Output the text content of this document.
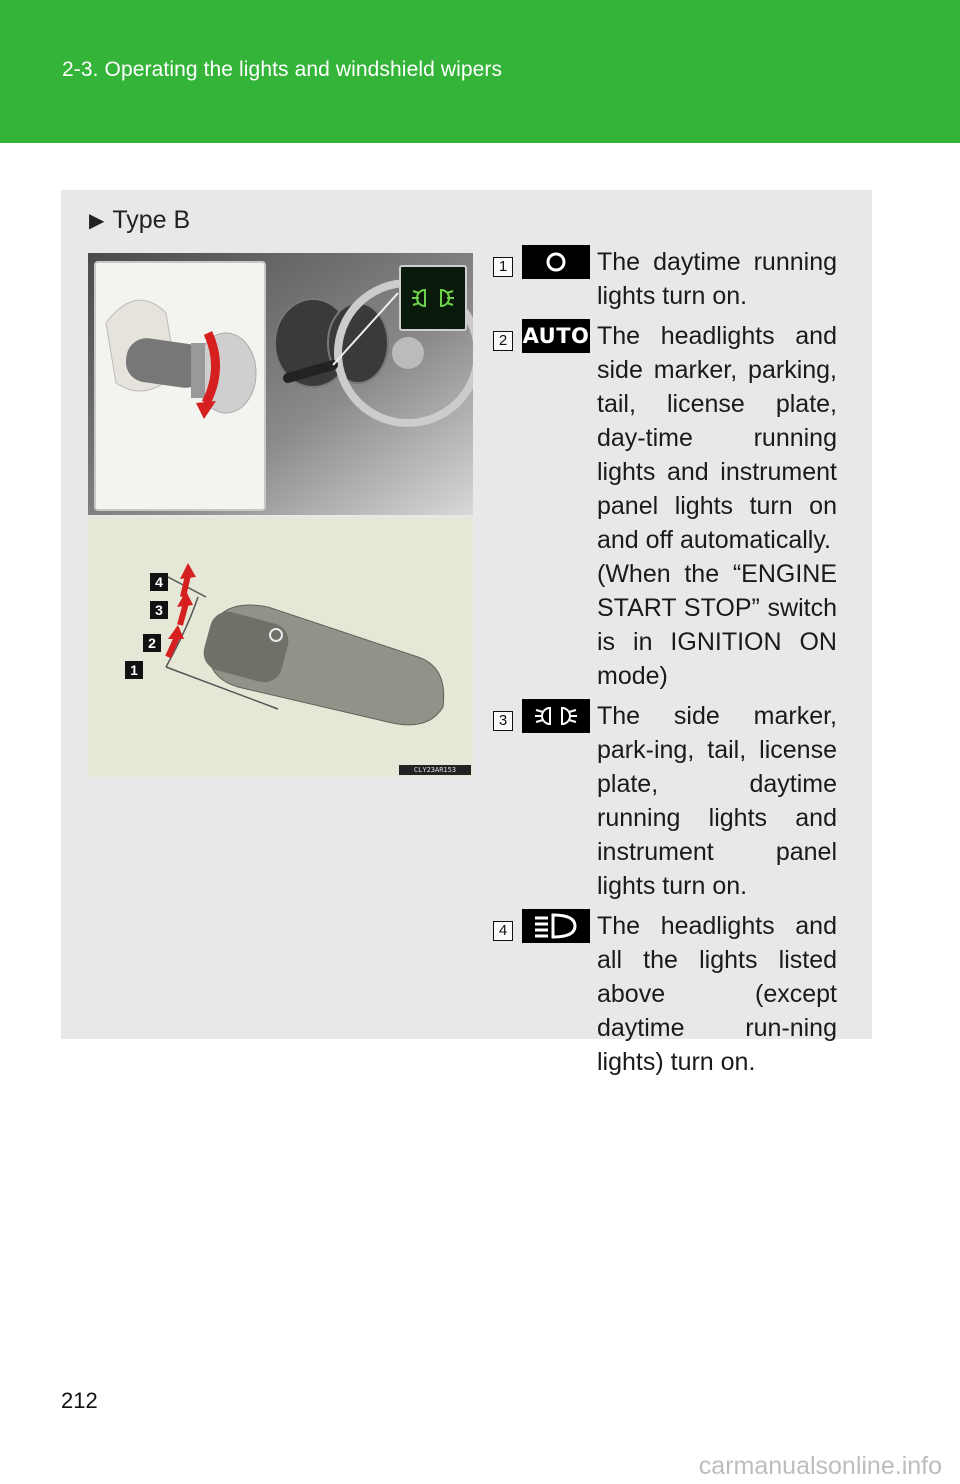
2-3. Operating the lights and windshield wipers
▶ Type B
4
3
2
1
CLY23AR153
1	The daytime running lights turn on.

2 AUTO The headlights and side marker, parking, tail, license plate, day-time running lights and instrument panel lights turn on and off automatically.

(When the “ENGINE START STOP” switch is in IGNITION ON mode)

3	The side marker, park-ing, tail, license plate, daytime running lights and instrument panel lights turn on.

4	The headlights and all the lights listed above (except daytime run-ning lights) turn on.

212
carmanualsonline.info
